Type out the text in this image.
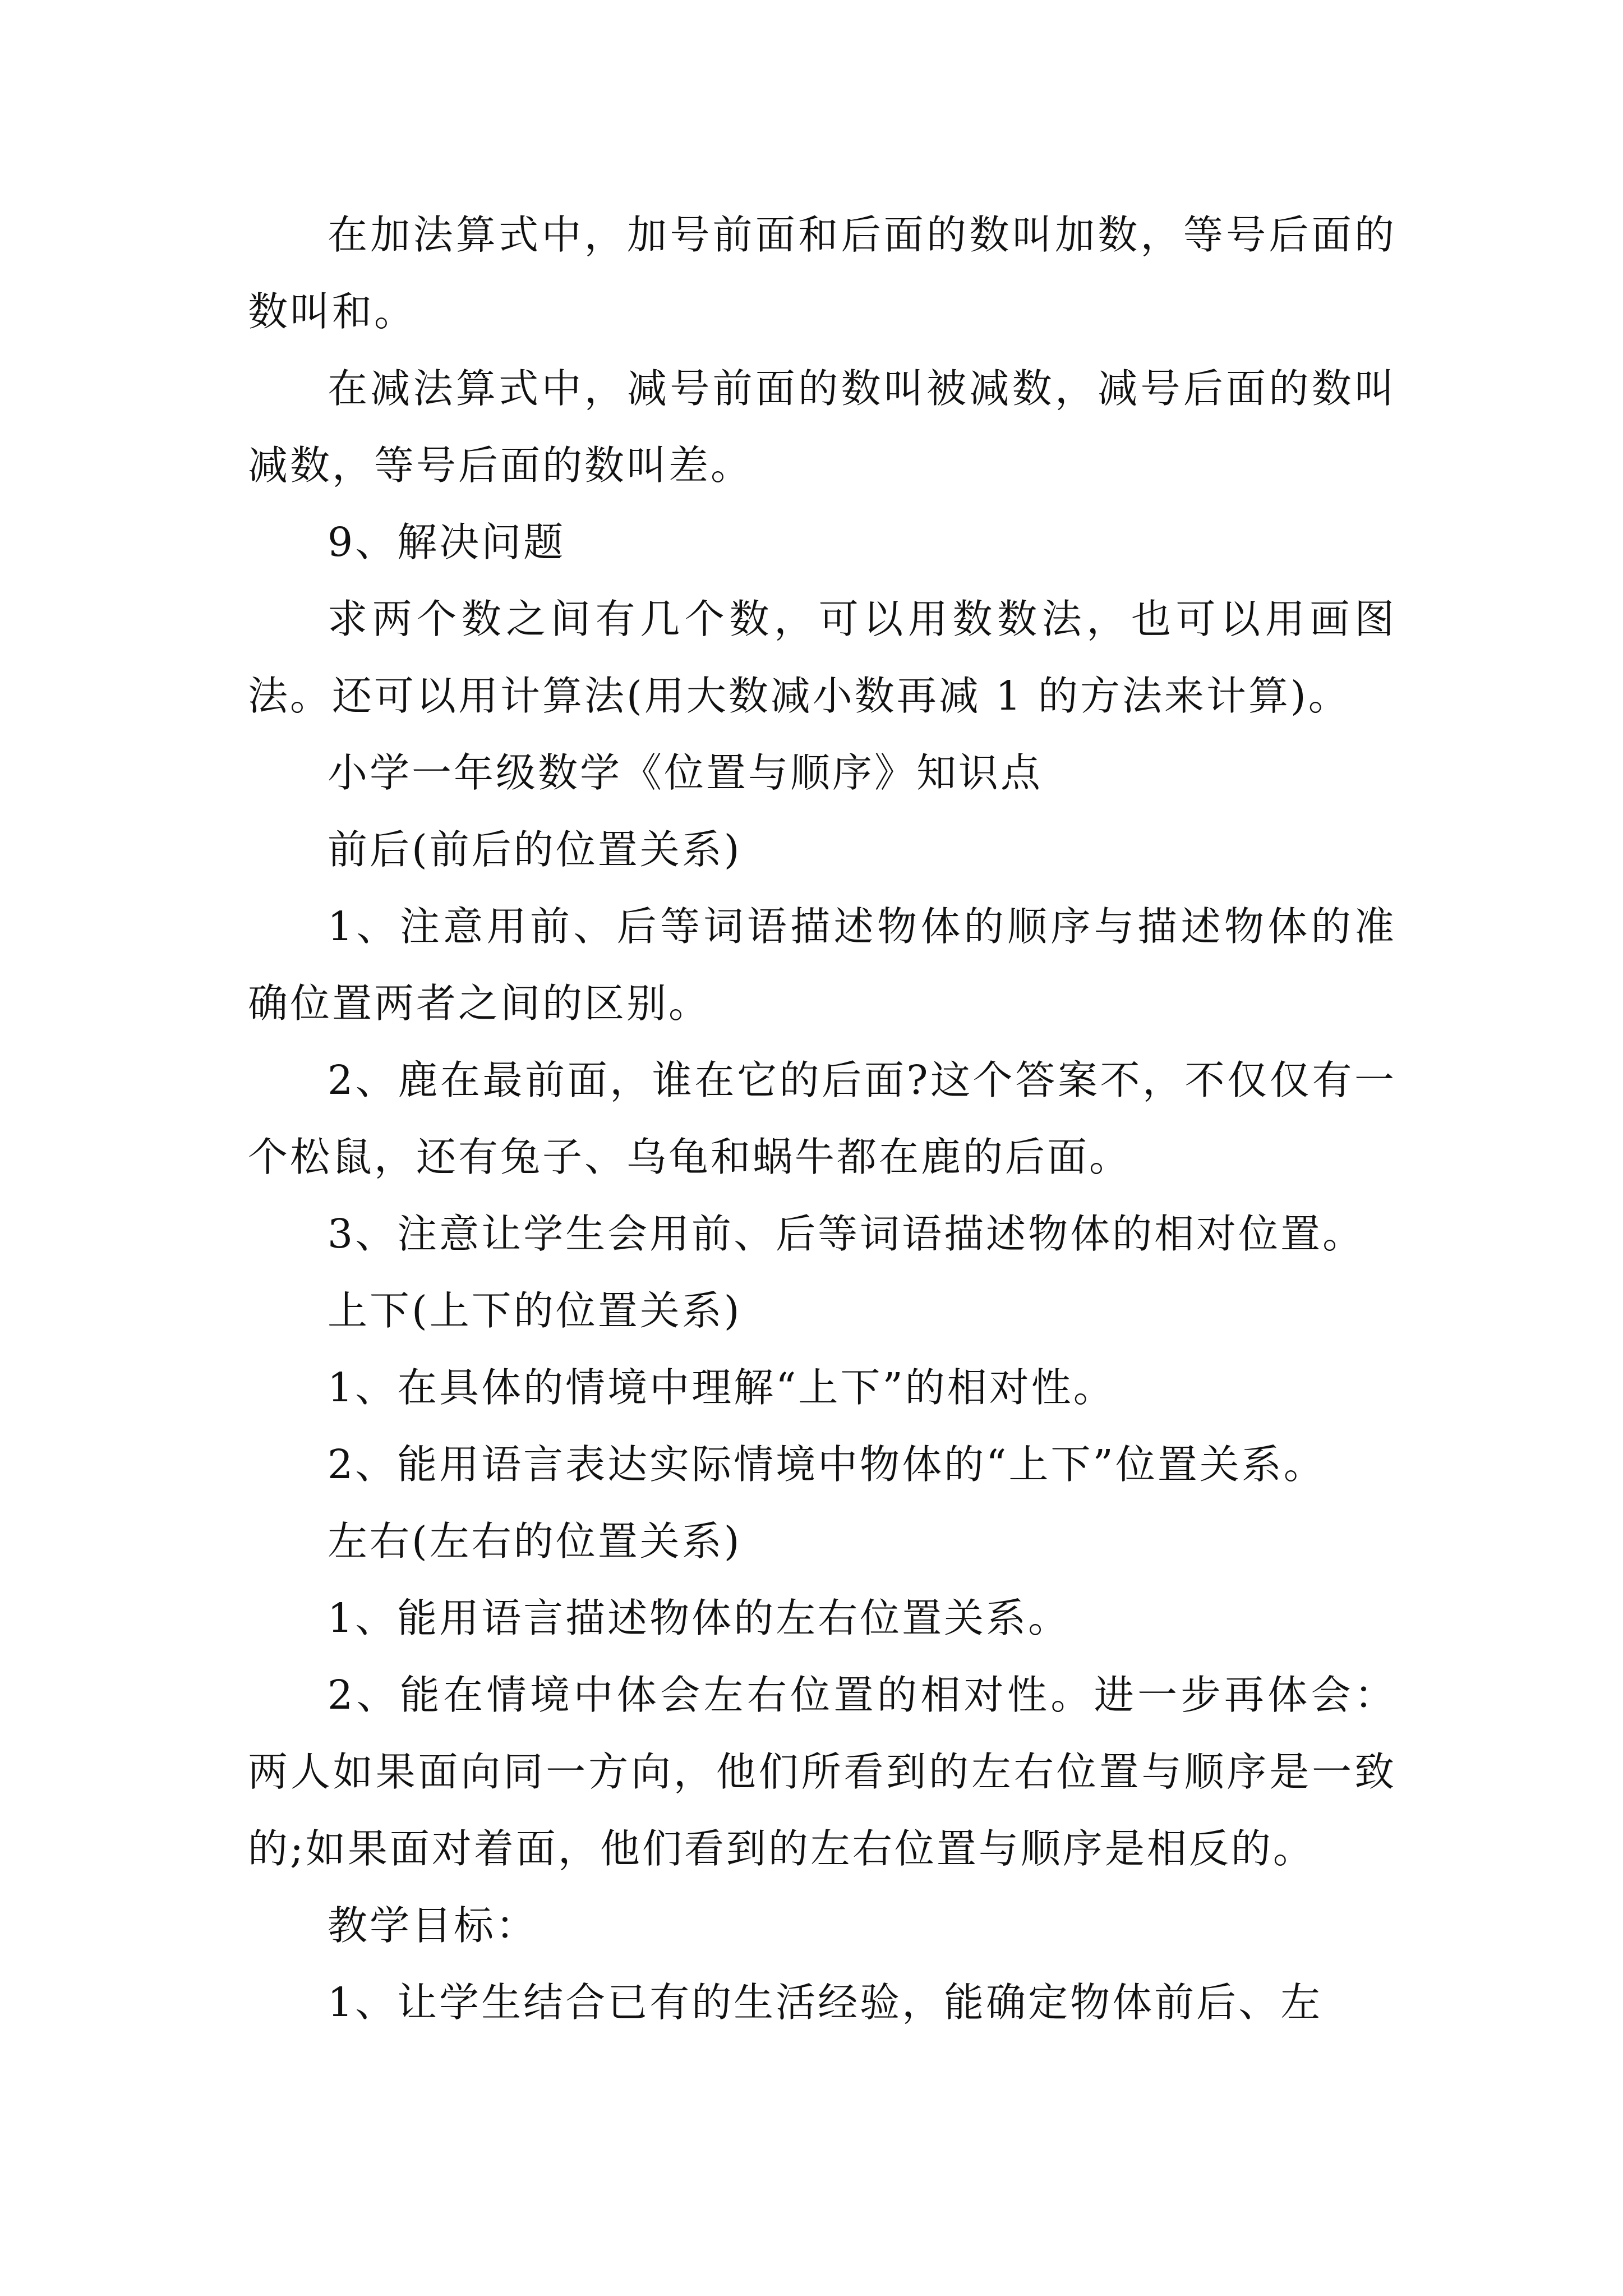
在加法算式中，加号前面和后面的数叫加数，等号后面的数叫和。

在减法算式中，减号前面的数叫被减数，减号后面的数叫减数，等号后面的数叫差。

9、解决问题

求两个数之间有几个数，可以用数数法，也可以用画图法。还可以用计算法(用大数减小数再减 1 的方法来计算)。

小学一年级数学《位置与顺序》知识点

前后(前后的位置关系)

1、注意用前、后等词语描述物体的顺序与描述物体的准确位置两者之间的区别。

2、鹿在最前面，谁在它的后面?这个答案不，不仅仅有一个松鼠，还有兔子、乌龟和蜗牛都在鹿的后面。

3、注意让学生会用前、后等词语描述物体的相对位置。

上下(上下的位置关系)

1、在具体的情境中理解“上下”的相对性。

2、能用语言表达实际情境中物体的“上下”位置关系。

左右(左右的位置关系)

1、能用语言描述物体的左右位置关系。

2、能在情境中体会左右位置的相对性。进一步再体会：两人如果面向同一方向，他们所看到的左右位置与顺序是一致的;如果面对着面，他们看到的左右位置与顺序是相反的。

教学目标：

1、让学生结合已有的生活经验，能确定物体前后、左
